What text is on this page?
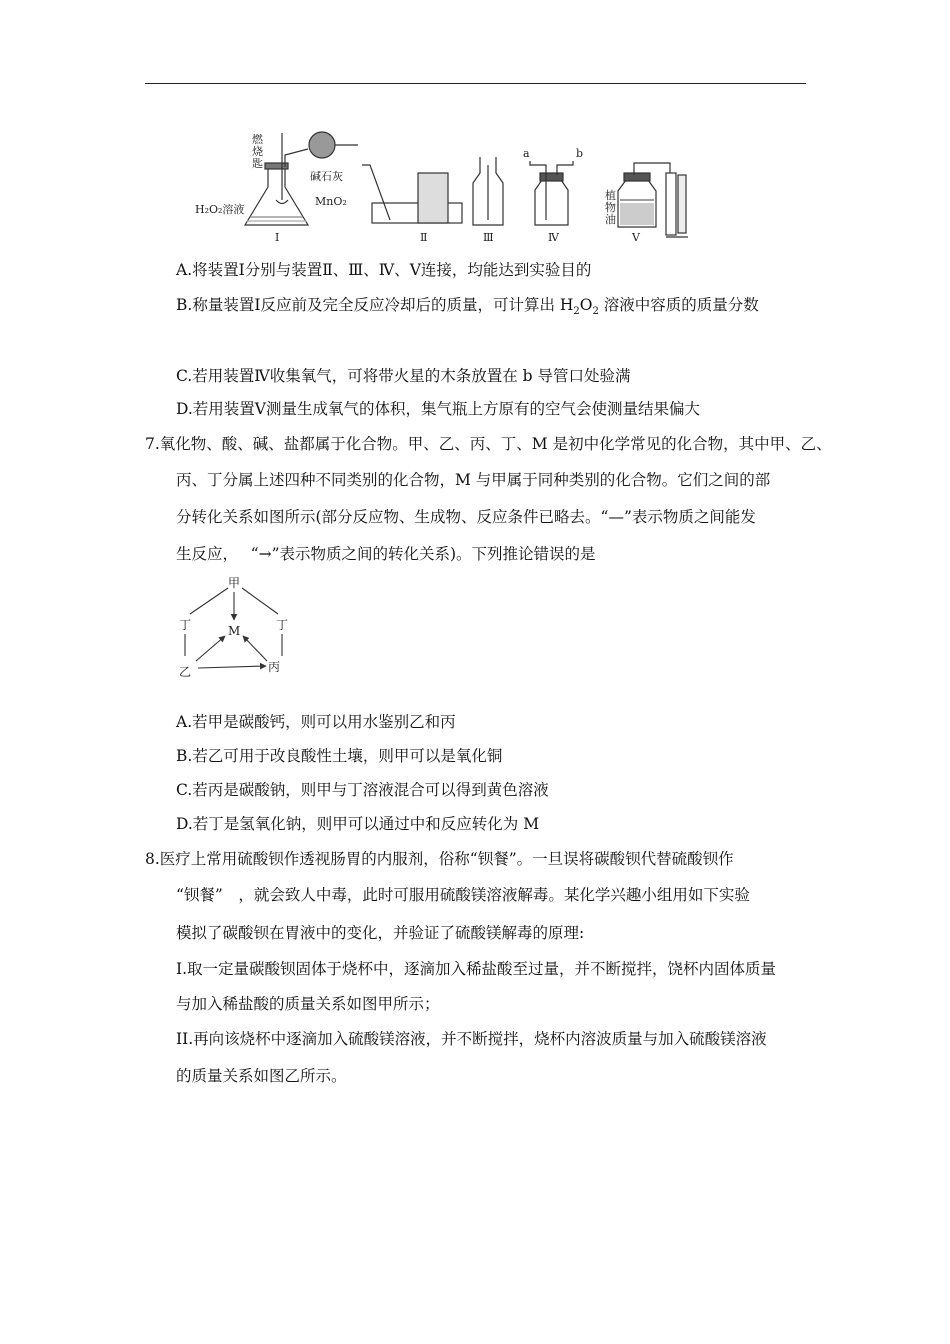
燃
烧
匙
碱石灰
MnO₂
H₂O₂溶液
a	b
植
物
油
Ⅰ	Ⅱ	Ⅲ	Ⅳ	Ⅴ
A.将装置Ⅰ分别与装置Ⅱ、Ⅲ、Ⅳ、Ⅴ连接，均能达到实验目的
B.称量装置Ⅰ反应前及完全反应冷却后的质量，可计算出 $H_2O_2$ 溶液中容质的质量分数
C.若用装置Ⅳ收集氧气，可将带火星的木条放置在 b 导管口处验满
D.若用装置Ⅴ测量生成氧气的体积，集气瓶上方原有的空气会使测量结果偏大
7.氧化物、酸、碱、盐都属于化合物。甲、乙、丙、丁、M 是初中化学常见的化合物，其中甲、乙、
丙、丁分属上述四种不同类别的化合物，M 与甲属于同种类别的化合物。它们之间的部
分转化关系如图所示(部分反应物、生成物、反应条件已略去。“—”表示物质之间能发
生反应，　 “→”表示物质之间的转化关系)。下列推论错误的是
甲
M
丁	丁
乙	丙
A.若甲是碳酸钙，则可以用水鉴别乙和丙
B.若乙可用于改良酸性土壤，则甲可以是氧化铜
C.若丙是碳酸钠，则甲与丁溶液混合可以得到黄色溶液
D.若丁是氢氧化钠，则甲可以通过中和反应转化为 M
8.医疗上常用硫酸钡作透视肠胃的内服剂，俗称“钡餐”。一旦误将碳酸钡代替硫酸钡作
“钡餐”　，就会致人中毒，此时可服用硫酸镁溶液解毒。某化学兴趣小组用如下实验
模拟了碳酸钡在胃液中的变化，并验证了硫酸镁解毒的原理:
I.取一定量碳酸钡固体于烧杯中，逐滴加入稀盐酸至过量，并不断搅拌，饶杯内固体质量
与加入稀盐酸的质量关系如图甲所示；
II.再向该烧杯中逐滴加入硫酸镁溶液，并不断搅拌，烧杯内溶波质量与加入硫酸镁溶液
的质量关系如图乙所示。
